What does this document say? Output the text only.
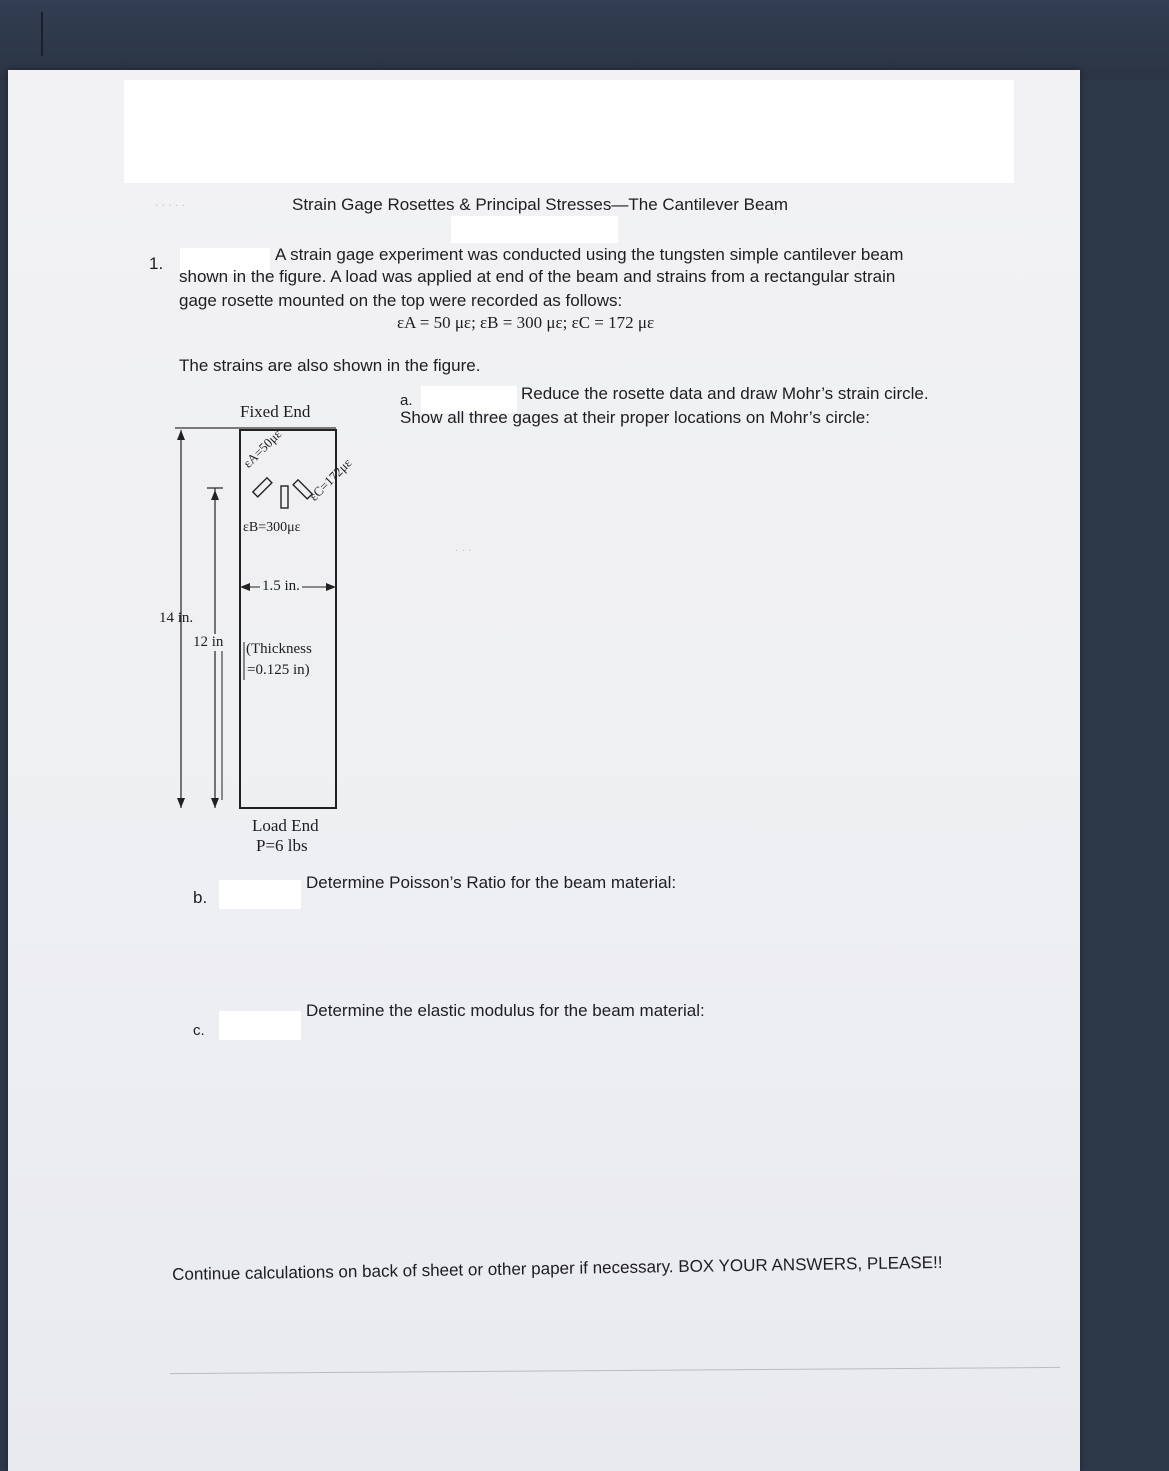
. . . . .
. . .
Strain Gage Rosettes & Principal Stresses—The Cantilever Beam
1.	A strain gage experiment was conducted using the tungsten simple cantilever beam
shown in the figure. A load was applied at end of the beam and strains from a rectangular strain
gage rosette mounted on the top were recorded as follows:
εA = 50 με; εB = 300 με; εC = 172 με
The strains are also shown in the figure.
Fixed End
εA=50με
εC=172με
εB=300με
1.5 in.
14 in.
12 in (Thickness
=0.125 in)
Load End
P=6 lbs
a.	Reduce the rosette data and draw Mohr’s strain circle.
Show all three gages at their proper locations on Mohr’s circle:
b.
Determine Poisson’s Ratio for the beam material:
c.
Determine the elastic modulus for the beam material:
Continue calculations on back of sheet or other paper if necessary. BOX YOUR ANSWERS, PLEASE!!
